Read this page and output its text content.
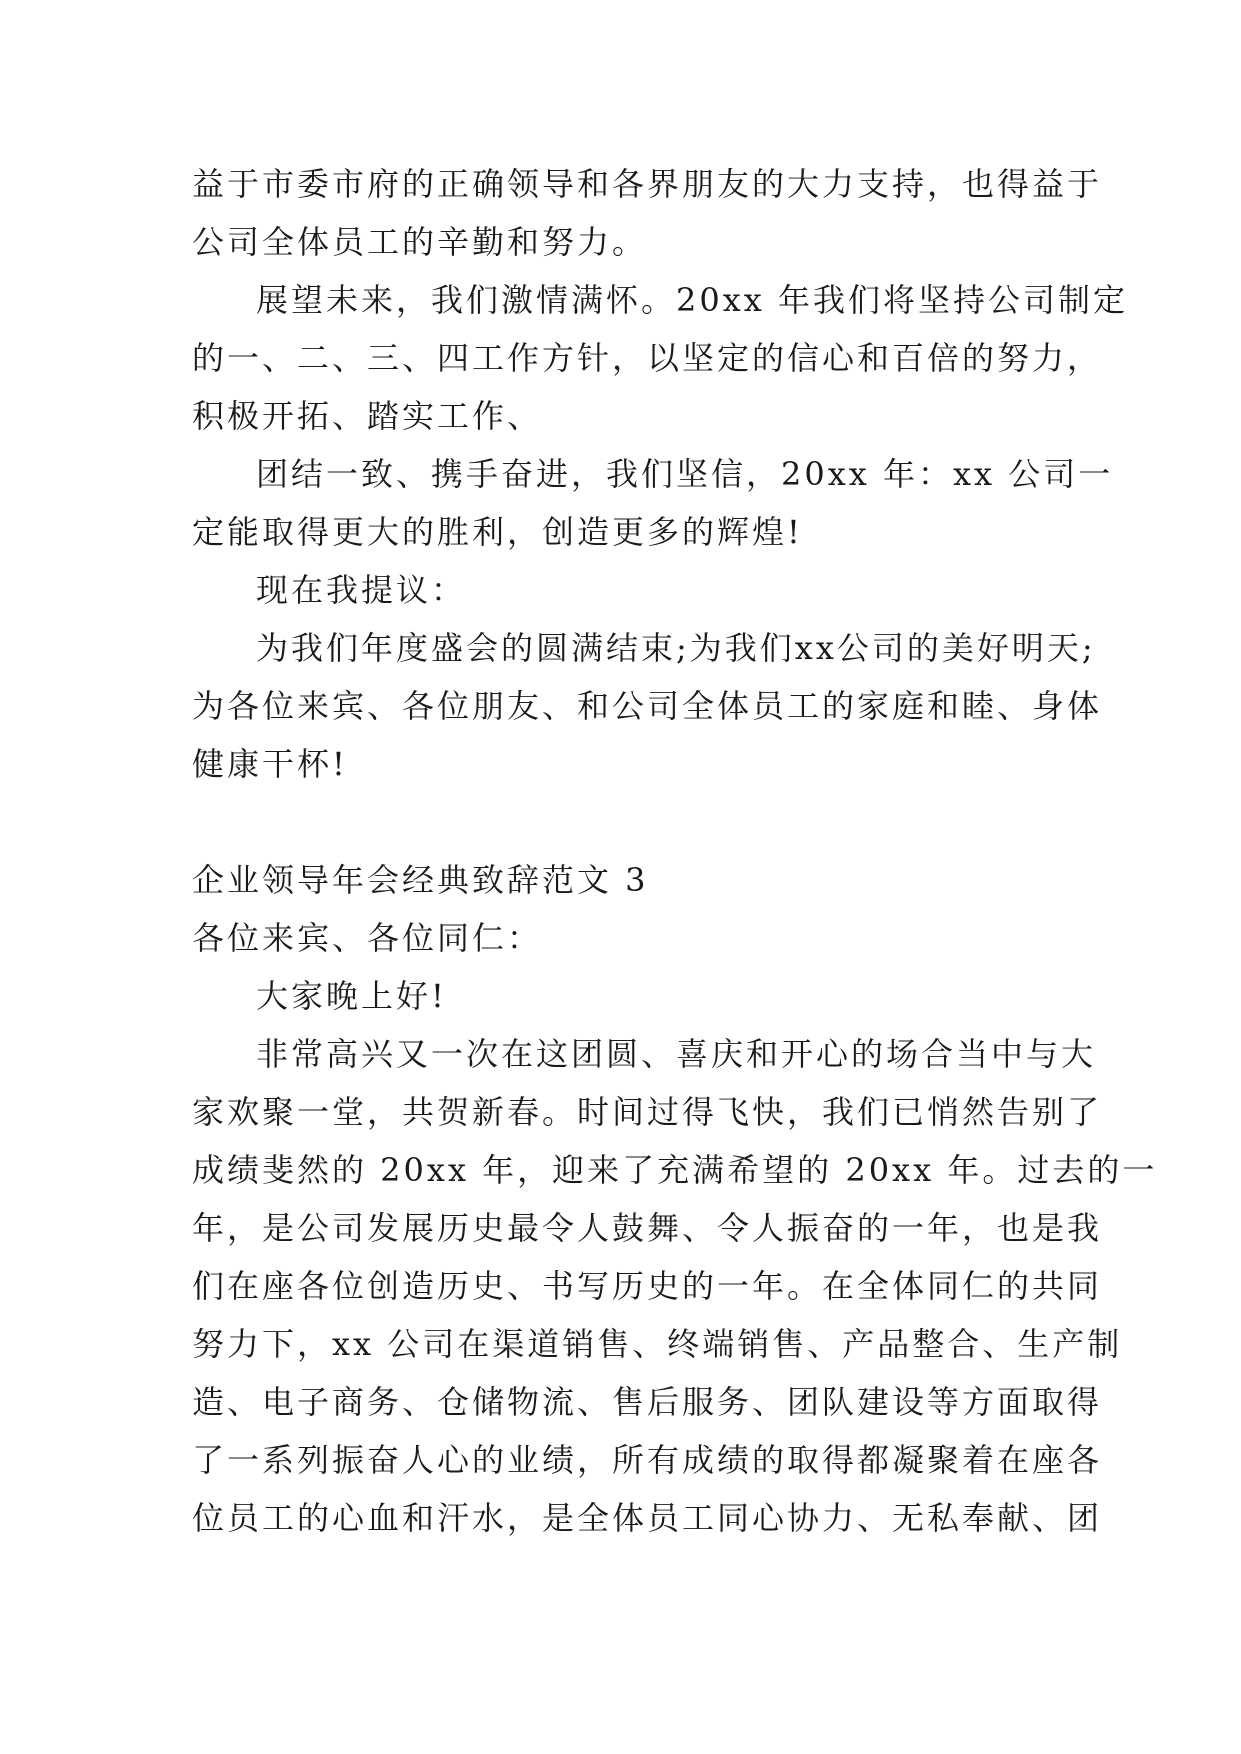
益于市委市府的正确领导和各界朋友的大力支持，也得益于

公司全体员工的辛勤和努力。

展望未来，我们激情满怀。20xx 年我们将坚持公司制定

的一、二、三、四工作方针，以坚定的信心和百倍的努力，

积极开拓、踏实工作、

团结一致、携手奋进，我们坚信，20xx 年：xx 公司一

定能取得更大的胜利，创造更多的辉煌!

现在我提议：

为我们年度盛会的圆满结束;为我们xx公司的美好明天;

为各位来宾、各位朋友、和公司全体员工的家庭和睦、身体

健康干杯!

企业领导年会经典致辞范文 3

各位来宾、各位同仁：

大家晚上好!

非常高兴又一次在这团圆、喜庆和开心的场合当中与大

家欢聚一堂，共贺新春。时间过得飞快，我们已悄然告别了

成绩斐然的 20xx 年，迎来了充满希望的 20xx 年。过去的一

年，是公司发展历史最令人鼓舞、令人振奋的一年，也是我

们在座各位创造历史、书写历史的一年。在全体同仁的共同

努力下，xx 公司在渠道销售、终端销售、产品整合、生产制

造、电子商务、仓储物流、售后服务、团队建设等方面取得

了一系列振奋人心的业绩，所有成绩的取得都凝聚着在座各

位员工的心血和汗水，是全体员工同心协力、无私奉献、团
